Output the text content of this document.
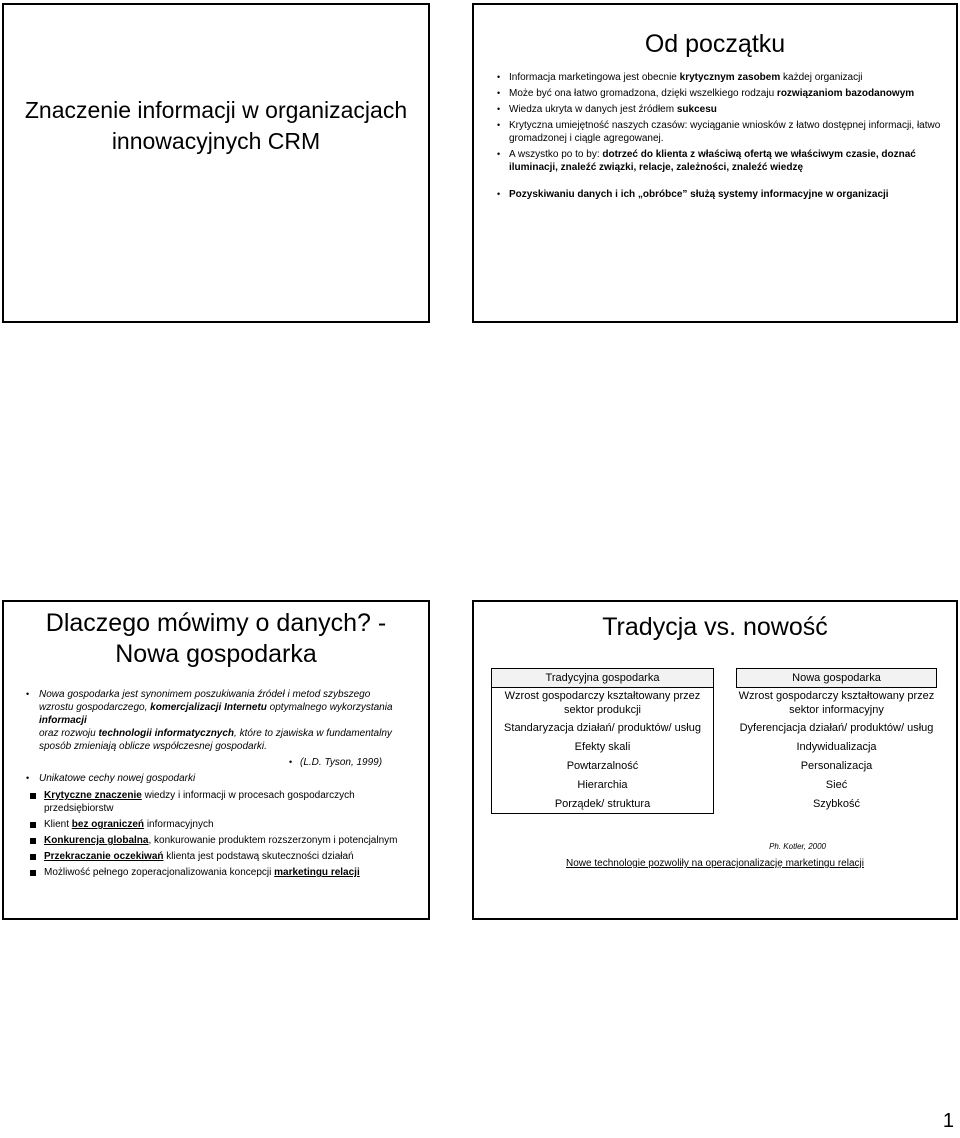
Znaczenie informacji w organizacjach innowacyjnych CRM
Od początku
• Informacja marketingowa jest obecnie krytycznym zasobem każdej organizacji
• Może być ona łatwo gromadzona, dzięki wszelkiego rodzaju rozwiązaniom bazodanowym
• Wiedza ukryta w danych jest źródłem sukcesu
• Krytyczna umiejętność naszych czasów: wyciąganie wniosków z łatwo dostępnej informacji, łatwo gromadzonej i ciągle agregowanej.
• A wszystko po to by: dotrzeć do klienta z właściwą ofertą we właściwym czasie, doznać iluminacji, znaleźć związki, relacje, zależności, znaleźć wiedzę
• Pozyskiwaniu danych i ich „obróbce” służą systemy informacyjne w organizacji
Dlaczego mówimy o danych? - Nowa gospodarka
• Nowa gospodarka jest synonimem poszukiwania źródeł i metod szybszego wzrostu gospodarczego, komercjalizacji Internetu optymalnego wykorzystania informacji
oraz rozwoju technologii informatycznych, które to zjawiska w fundamentalny sposób zmieniają oblicze współczesnej gospodarki.
• (L.D. Tyson, 1999)
• Unikatowe cechy nowej gospodarki
Krytyczne znaczenie wiedzy i informacji w procesach gospodarczych przedsiębiorstw
Klient bez ograniczeń informacyjnych
Konkurencja globalna, konkurowanie produktem rozszerzonym i potencjalnym
Przekraczanie oczekiwań klienta jest podstawą skuteczności działań
Możliwość pełnego zoperacjonalizowania koncepcji marketingu relacji
Tradycja vs. nowość
Tradycyjna gospodarka		Nowa gospodarka
Wzrost gospodarczy kształtowany przez sektor produkcji		Wzrost gospodarczy kształtowany przez sektor informacyjny
Standaryzacja działań/ produktów/ usług		Dyferencjacja działań/ produktów/ usług
Efekty skali		Indywidualizacja
Powtarzalność		Personalizacja
Hierarchia		Sieć
Porządek/ struktura		Szybkość
Ph. Kotler, 2000
Nowe technologie pozwoliły na operacjonalizację marketingu relacji
1
